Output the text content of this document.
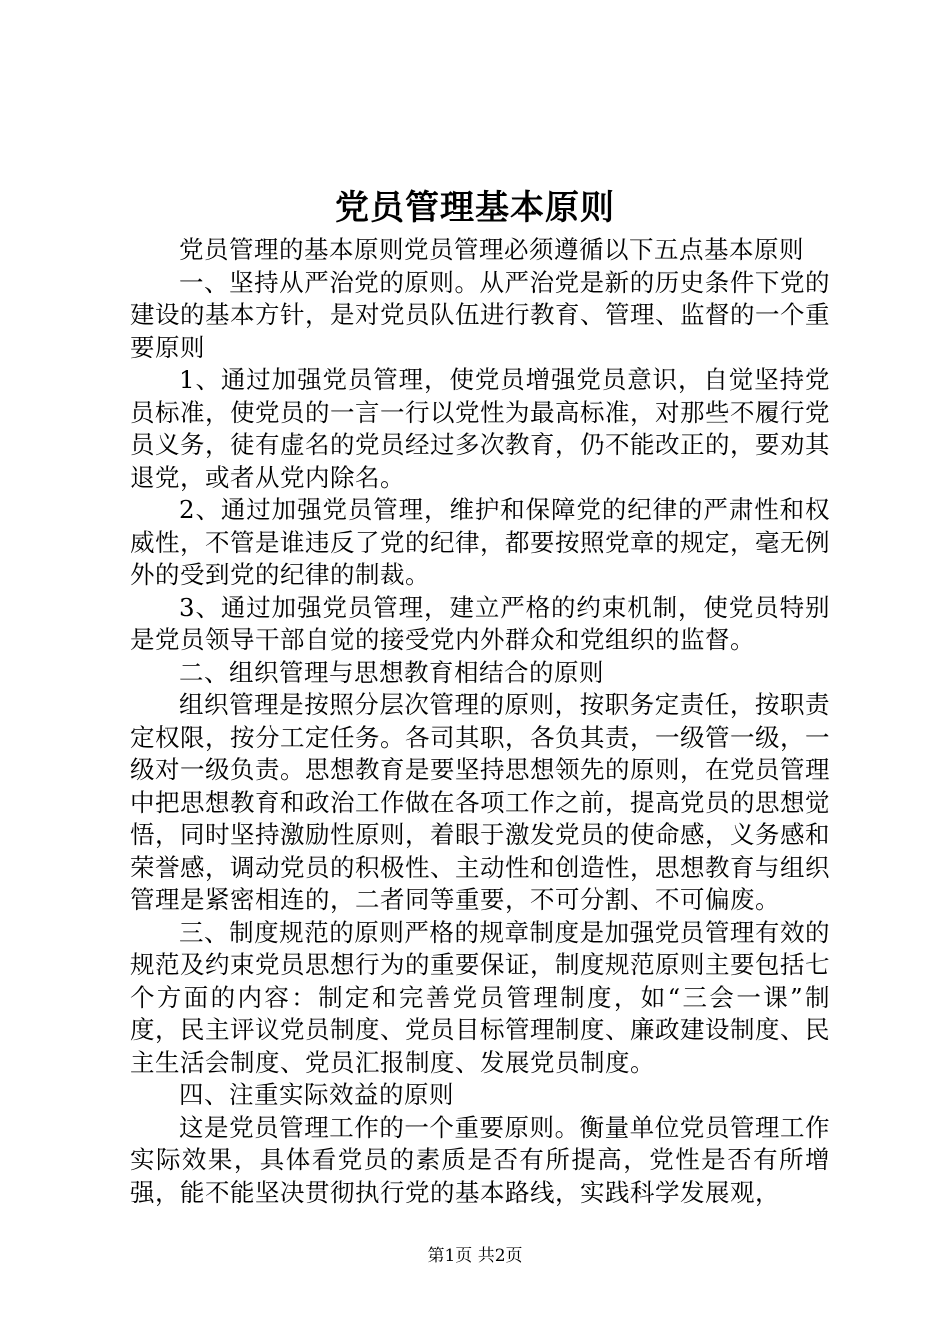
党员管理基本原则

党员管理的基本原则党员管理必须遵循以下五点基本原则

一、坚持从严治党的原则。从严治党是新的历史条件下党的建设的基本方针，是对党员队伍进行教育、管理、监督的一个重要原则

1、通过加强党员管理，使党员增强党员意识，自觉坚持党员标准，使党员的一言一行以党性为最高标准，对那些不履行党员义务，徒有虚名的党员经过多次教育，仍不能改正的，要劝其退党，或者从党内除名。

2、通过加强党员管理，维护和保障党的纪律的严肃性和权威性，不管是谁违反了党的纪律，都要按照党章的规定，毫无例外的受到党的纪律的制裁。

3、通过加强党员管理，建立严格的约束机制，使党员特别是党员领导干部自觉的接受党内外群众和党组织的监督。

二、组织管理与思想教育相结合的原则

组织管理是按照分层次管理的原则，按职务定责任，按职责定权限，按分工定任务。各司其职，各负其责，一级管一级，一级对一级负责。思想教育是要坚持思想领先的原则，在党员管理中把思想教育和政治工作做在各项工作之前，提高党员的思想觉悟，同时坚持激励性原则，着眼于激发党员的使命感，义务感和荣誉感，调动党员的积极性、主动性和创造性，思想教育与组织管理是紧密相连的，二者同等重要，不可分割、不可偏废。

三、制度规范的原则严格的规章制度是加强党员管理有效的规范及约束党员思想行为的重要保证，制度规范原则主要包括七个方面的内容：制定和完善党员管理制度，如“三会一课”制度，民主评议党员制度、党员目标管理制度、廉政建设制度、民主生活会制度、党员汇报制度、发展党员制度。

四、注重实际效益的原则

这是党员管理工作的一个重要原则。衡量单位党员管理工作实际效果，具体看党员的素质是否有所提高，党性是否有所增强，能不能坚决贯彻执行党的基本路线，实践科学发展观，

第1页 共2页
